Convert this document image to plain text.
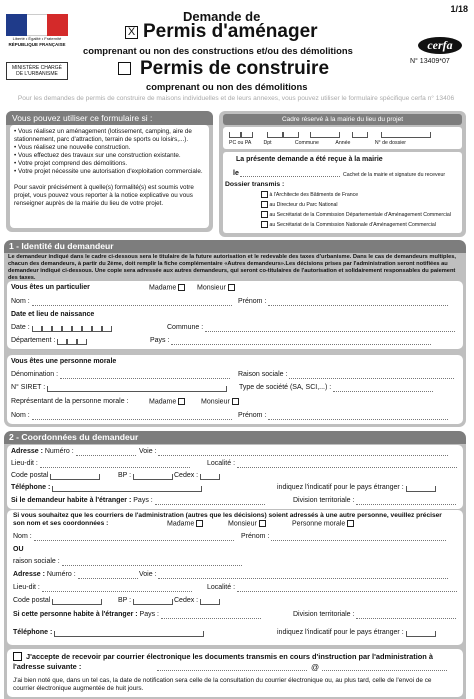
1/18
Liberté • Égalité • Fraternité
RÉPUBLIQUE FRANÇAISE
MINISTÈRE CHARGÉ
DE L'URBANISME
Demande de
X Permis d'aménager
comprenant ou non des constructions et/ou des démolitions
Permis de construire
comprenant ou non des démolitions
cerfa
N° 13409*07
Pour les demandes de permis de construire de maisons individuelles et de leurs annexes, vous pouvez utiliser le formulaire spécifique cerfa n° 13406
Vous pouvez utiliser ce formulaire si :
• Vous réalisez un aménagement (lotissement, camping, aire de stationnement, parc d'attraction, terrain de sports ou loisirs,...).
• Vous réalisez une nouvelle construction.
• Vous effectuez des travaux sur une construction existante.
• Votre projet comprend des démolitions.
• Votre projet nécessite une autorisation d'exploitation commerciale.
Pour savoir précisément à quelle(s) formalité(s) est soumis votre projet, vous pouvez vous reporter à la notice explicative ou vous renseigner auprès de la mairie du lieu de votre projet.
Cadre réservé à la mairie du lieu du projet

PC ou PA Dpt	Commune	Année	N° de dossier
La présente demande a été reçue à la mairie
le	Cachet de la mairie et signature du receveur
Dossier transmis :
à l'Architecte des Bâtiments de France
au Directeur du Parc National
au Secrétariat de la Commission Départementale d'Aménagement Commercial
au Secrétariat de la Commission Nationale d'Aménagement Commercial
1 - Identité du demandeur
Le demandeur indiqué dans le cadre ci-dessous sera le titulaire de la future autorisation et le redevable des taxes d'urbanisme. Dans le cas de demandeurs multiples, chacun des demandeurs, à partir du 2ème, doit remplir la fiche complémentaire «Autres demandeurs».Les décisions prises par l'administration seront notifiées au demandeur indiqué ci-dessous. Une copie sera adressée aux autres demandeurs, qui seront co-titulaires de l'autorisation et solidairement responsables du paiement des taxes.
Vous êtes un particulier	Madame	Monsieur
Nom :	Prénom :
Date et lieu de naissance
Date :	Commune :
Département :	Pays :
Vous êtes une personne morale
Dénomination :	Raison sociale :
N° SIRET :	Type de société (SA, SCI,...) :
Représentant de la personne morale :	Madame	Monsieur
Nom :	Prénom :
2 - Coordonnées du demandeur
Adresse : Numéro :	Voie :
Lieu-dit :	Localité :
Code postal	BP :	Cedex :
Téléphone :	indiquez l'indicatif pour le pays étranger :
Si le demandeur habite à l'étranger : Pays :	Division territoriale :
Si vous souhaitez que les courriers de l'administration (autres que les décisions) soient adressés à une autre personne, veuillez préciser son nom et ses coordonnées :	Madame	Monsieur	Personne morale
Nom :	Prénom :
OU
raison sociale :
Adresse : Numéro :	Voie :
Lieu-dit :	Localité :
Code postal	BP :	Cedex :
Si cette personne habite à l'étranger : Pays :	Division territoriale :
Téléphone :	indiquez l'indicatif pour le pays étranger :
J'accepte de recevoir par courrier électronique les documents transmis en cours d'instruction par l'administration à l'adresse suivante :	@
J'ai bien noté que, dans un tel cas, la date de notification sera celle de la consultation du courrier électronique ou, au plus tard, celle de l'envoi de ce courrier électronique augmentée de huit jours.
